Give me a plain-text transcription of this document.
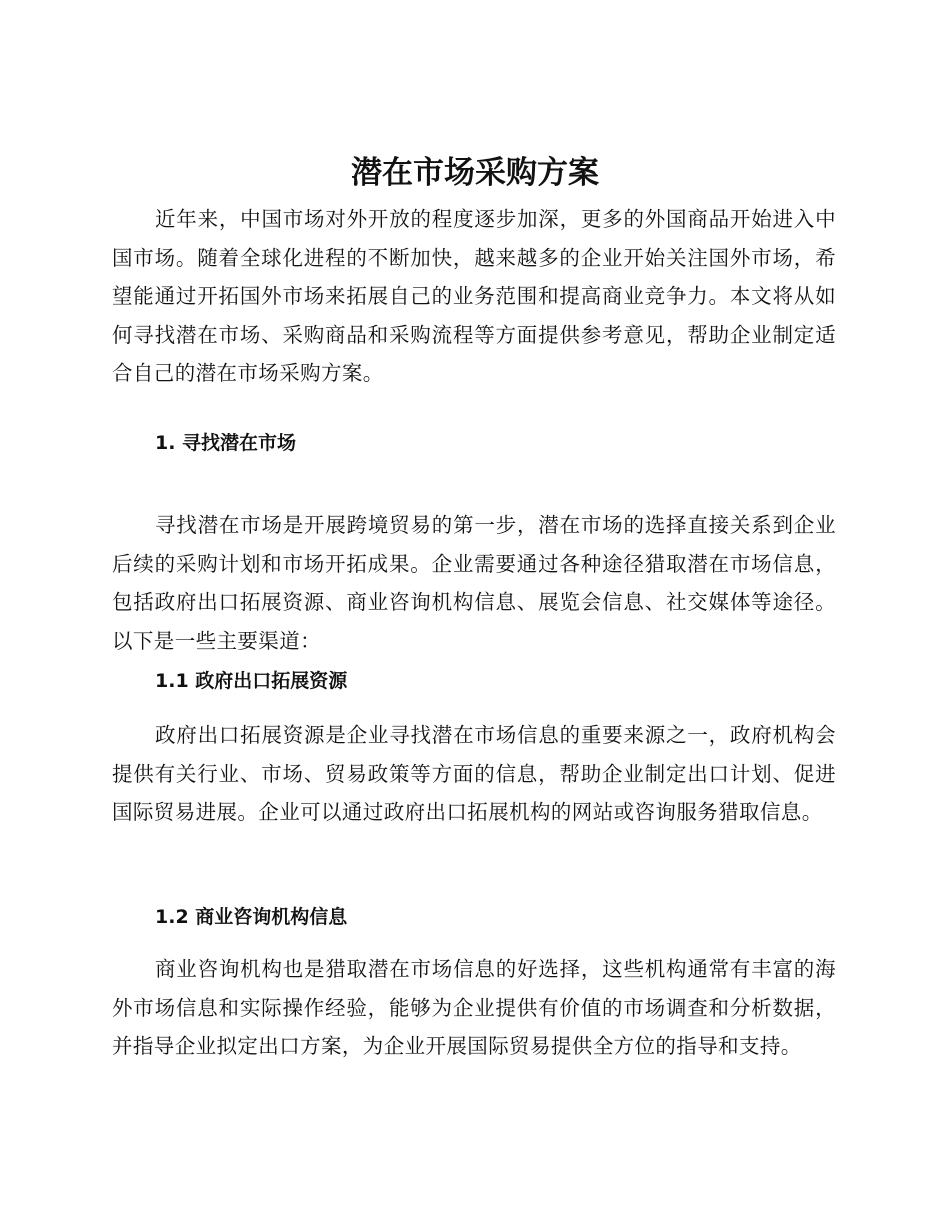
潜在市场采购方案

近年来，中国市场对外开放的程度逐步加深，更多的外国商品开始进入中国市场。随着全球化进程的不断加快，越来越多的企业开始关注国外市场，希望能通过开拓国外市场来拓展自己的业务范围和提高商业竞争力。本文将从如何寻找潜在市场、采购商品和采购流程等方面提供参考意见，帮助企业制定适合自己的潜在市场采购方案。

1. 寻找潜在市场

寻找潜在市场是开展跨境贸易的第一步，潜在市场的选择直接关系到企业后续的采购计划和市场开拓成果。企业需要通过各种途径猎取潜在市场信息，包括政府出口拓展资源、商业咨询机构信息、展览会信息、社交媒体等途径。以下是一些主要渠道：

1.1 政府出口拓展资源

政府出口拓展资源是企业寻找潜在市场信息的重要来源之一，政府机构会提供有关行业、市场、贸易政策等方面的信息，帮助企业制定出口计划、促进国际贸易进展。企业可以通过政府出口拓展机构的网站或咨询服务猎取信息。

1.2 商业咨询机构信息

商业咨询机构也是猎取潜在市场信息的好选择，这些机构通常有丰富的海外市场信息和实际操作经验，能够为企业提供有价值的市场调查和分析数据，并指导企业拟定出口方案，为企业开展国际贸易提供全方位的指导和支持。
